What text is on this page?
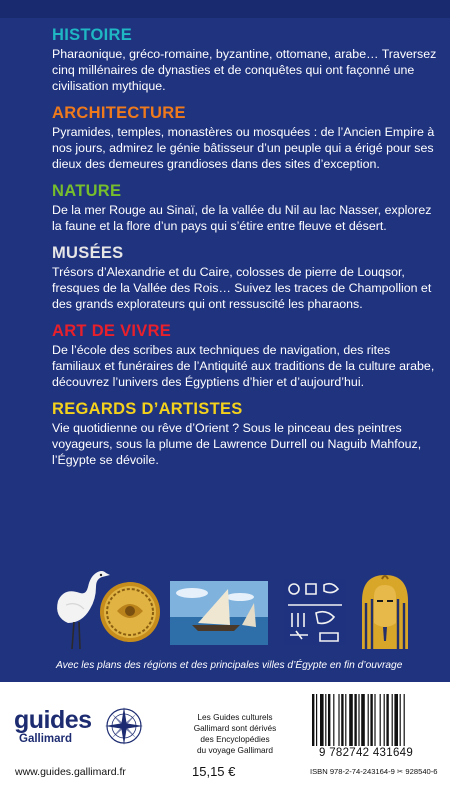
HISTOIRE
Pharaonique, gréco-romaine, byzantine, ottomane, arabe… Traversez cinq millénaires de dynasties et de conquêtes qui ont façonné une civilisation mythique.
ARCHITECTURE
Pyramides, temples, monastères ou mosquées : de l’Ancien Empire à nos jours, admirez le génie bâtisseur d’un peuple qui a érigé pour ses dieux des demeures grandioses dans des sites d’exception.
NATURE
De la mer Rouge au Sinaï, de la vallée du Nil au lac Nasser, explorez la faune et la flore d’un pays qui s’étire entre fleuve et désert.
MUSÉES
Trésors d’Alexandrie et du Caire, colosses de pierre de Louqsor, fresques de la Vallée des Rois… Suivez les traces de Champollion et des grands explorateurs qui ont ressuscité les pharaons.
ART DE VIVRE
De l’école des scribes aux techniques de navigation, des rites familiaux et funéraires de l’Antiquité aux traditions de la culture arabe, découvrez l’univers des Égyptiens d’hier et d’aujourd’hui.
REGARDS D’ARTISTES
Vie quotidienne ou rêve d’Orient ? Sous le pinceau des peintres voyageurs, sous la plume de Lawrence Durrell ou Naguib Mahfouz, l’Égypte se dévoile.
Avec les plans des régions et des principales villes d’Égypte en fin d’ouvrage
guides
Gallimard
www.guides.gallimard.fr
Les Guides culturels
Gallimard sont dérivés
des Encyclopédies
du voyage Gallimard
15,15 €
9 782742 431649
ISBN 978-2-74-243164-9 ✂ 928540-6
